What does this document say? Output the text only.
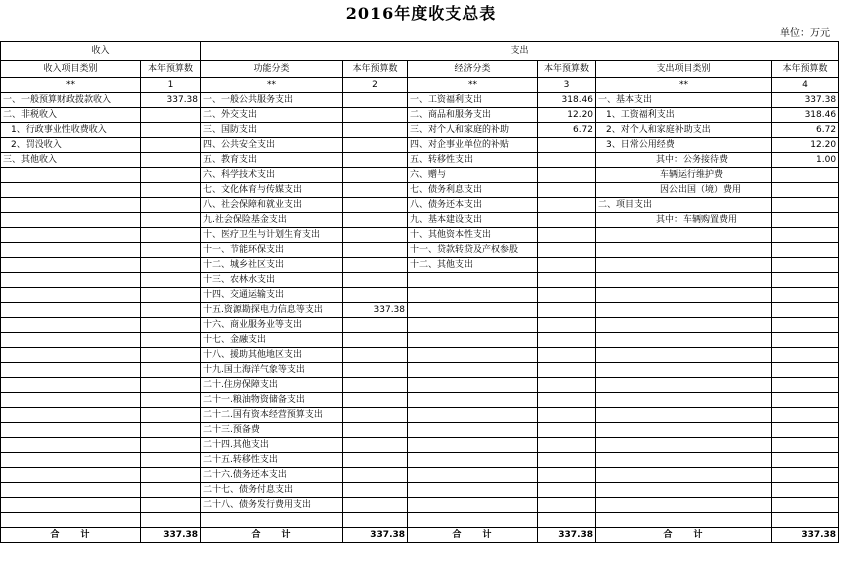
2016年度收支总表
单位：万元
收入		支出					
收入项目类别	本年预算数	功能分类	本年预算数	经济分类	本年预算数	支出项目类别	本年预算数
**	1	**	2	**	3	**	4
一、一般预算财政拨款收入	337.38	一、一般公共服务支出		一、工资福利支出	318.46	一、基本支出	337.38
二、非税收入		二、外交支出		二、商品和服务支出	12.20	1、工资福利支出	318.46
1、行政事业性收费收入		三、国防支出		三、对个人和家庭的补助	6.72	2、对个人和家庭补助支出	6.72
2、罚没收入		四、公共安全支出		四、对企事业单位的补贴		3、日常公用经费	12.20
三、其他收入		五、教育支出		五、转移性支出		其中：公务接待费	1.00
		六、科学技术支出		六、赠与		车辆运行维护费	
		七、文化体育与传媒支出		七、债务利息支出		因公出国（境）费用	
		八、社会保障和就业支出		八、债务还本支出		二、项目支出	
		九.社会保险基金支出		九、基本建设支出		其中：车辆购置费用	
		十、医疗卫生与计划生育支出		十、其他资本性支出			
		十一、节能环保支出		十一、贷款转贷及产权参股			
		十二、城乡社区支出		十二、其他支出			
		十三、农林水支出					
		十四、交通运输支出					
		十五.资源勘探电力信息等支出	337.38				
		十六、商业服务业等支出					
		十七、金融支出					
		十八、援助其他地区支出					
		十九.国土海洋气象等支出					
		二十.住房保障支出					
		二十一.粮油物资储备支出					
		二十二.国有资本经营预算支出					
		二十三.预备费					
		二十四.其他支出					
		二十五.转移性支出					
		二十六.债务还本支出					
		二十七、债务付息支出					
		二十八、债务发行费用支出					

合　　计	337.38	合　　计	337.38	合　　计	337.38	合　　计	337.38
